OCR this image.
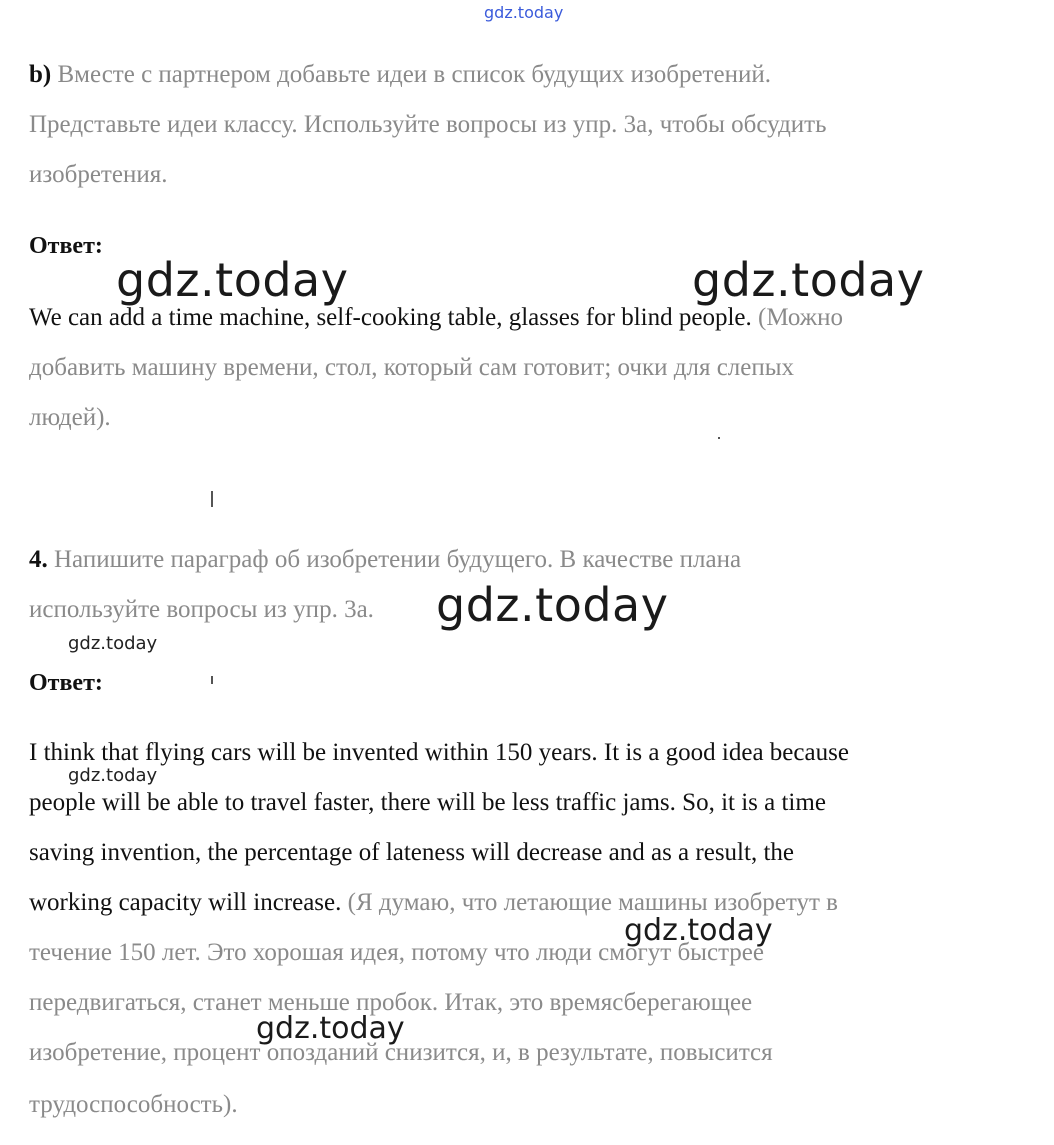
gdz.today
b) Вместе с партнером добавьте идеи в список будущих изобретений.
Представьте идеи классу. Используйте вопросы из упр. 3а, чтобы обсудить
изобретения.
Ответ:
gdz.today	gdz.today
We can add a time machine, self-cooking table, glasses for blind people. (Можно
добавить машину времени, стол, который сам готовит; очки для слепых
людей).
4. Напишите параграф об изобретении будущего. В качестве плана
используйте вопросы из упр. 3а. gdz.today
gdz.today
Ответ:
I think that flying cars will be invented within 150 years. It is a good idea because
gdz.today
people will be able to travel faster, there will be less traffic jams. So, it is a time
saving invention, the percentage of lateness will decrease and as a result, the
working capacity will increase. (Я думаю, что летающие машины изобретут в
gdz.today
течение 150 лет. Это хорошая идея, потому что люди смогут быстрее
передвигаться, станет меньше пробок. Итак, это времясберегающее
gdz.today
изобретение, процент опозданий снизится, и, в результате, повысится
трудоспособность).
